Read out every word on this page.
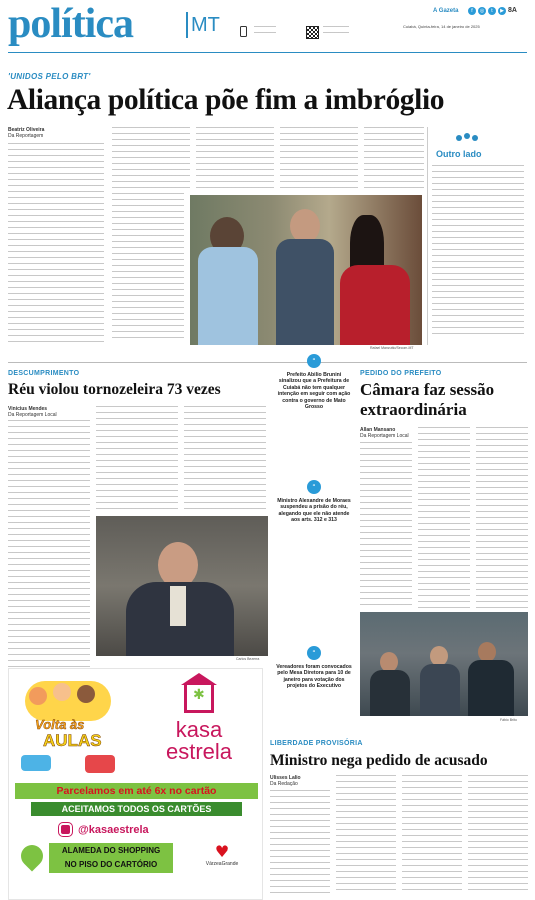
política	MT
A Gazeta	f	◎	t	▶ 8A
Cuiabá, Quinta-feira, 14 de janeiro de 2025
'UNIDOS PELO BRT'
Aliança política põe fim a imbróglio
Beatriz Oliveira
Da Reportagem
Rafael Manzutto/Secom-MT
Outro lado
DESCUMPRIMENTO
Réu violou tornozeleira 73 vezes
Vinicius Mendes
Da Reportagem Local
Carlos Bezerra
“
Prefeito Abilio Brunini sinalizou que a Prefeitura de Cuiabá não tem qualquer intenção em seguir com ação contra o governo de Mato Grosso
“
Ministro Alexandre de Moraes suspendeu a prisão do réu, alegando que ele não atende aos arts. 312 e 313
“
Vereadores foram convocados pelo Mesa Diretora para 10 de janeiro para votação dos projetos do Executivo
PEDIDO DO PREFEITO
Câmara faz sessão extraordinária
Allan Mansano
Da Reportagem Local
Fábio Brito
LIBERDADE PROVISÓRIA
Ministro nega pedido de acusado
Ulisses Lalio
Da Redação
Volta às
AULAS
✱
kasa
estrela
Parcelamos em até 6x no cartão
ACEITAMOS TODOS OS CARTÕES
@kasaestrela
ALAMEDA DO SHOPPING
NO PISO DO CARTÓRIO
♥
VárzeaGrande
